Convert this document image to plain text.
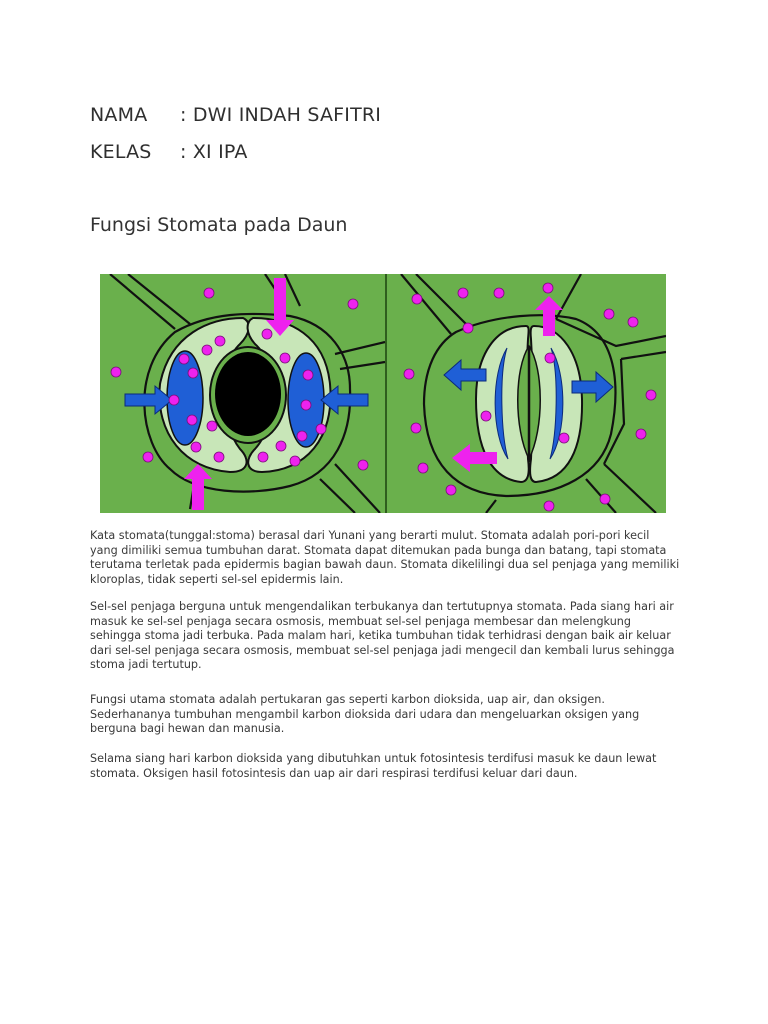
NAMA : DWI INDAH SAFITRI
KELAS : XI IPA
Fungsi Stomata pada Daun

Kata stomata(tunggal:stoma) berasal dari Yunani yang berarti mulut. Stomata adalah pori-pori kecil yang dimiliki semua tumbuhan darat. Stomata dapat ditemukan pada bunga dan batang, tapi stomata terutama terletak pada epidermis bagian bawah daun. Stomata dikelilingi dua sel penjaga yang memiliki kloroplas, tidak seperti sel-sel epidermis lain.

Sel-sel penjaga berguna untuk mengendalikan terbukanya dan tertutupnya stomata. Pada siang hari air masuk ke sel-sel penjaga secara osmosis, membuat sel-sel penjaga membesar dan melengkung sehingga stoma jadi terbuka. Pada malam hari, ketika tumbuhan tidak terhidrasi dengan baik air keluar dari sel-sel penjaga secara osmosis, membuat sel-sel penjaga jadi mengecil dan kembali lurus sehingga stoma jadi tertutup.

Fungsi utama stomata adalah pertukaran gas seperti karbon dioksida, uap air, dan oksigen. Sederhananya tumbuhan mengambil karbon dioksida dari udara dan mengeluarkan oksigen yang berguna bagi hewan dan manusia.

Selama siang hari karbon dioksida yang dibutuhkan untuk fotosintesis terdifusi masuk ke daun lewat stomata. Oksigen hasil fotosintesis dan uap air dari respirasi terdifusi keluar dari daun.
